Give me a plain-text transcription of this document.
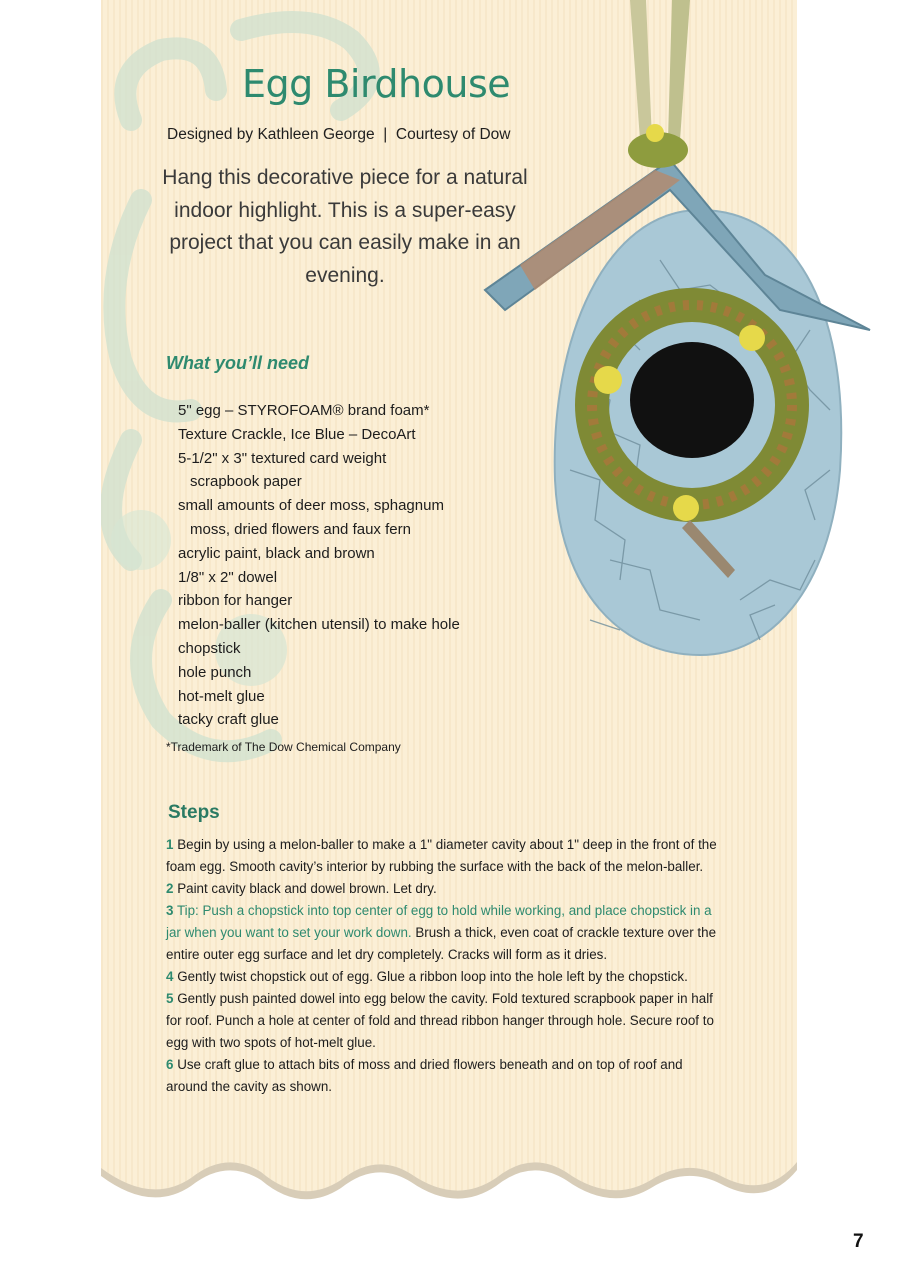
Egg Birdhouse
Designed by Kathleen George  |  Courtesy of Dow
Hang this decorative piece for a natural indoor highlight. This is a super-easy project that you can easily make in an evening.
What you’ll need
5" egg – STYROFOAM® brand foam*
Texture Crackle, Ice Blue – DecoArt
5-1/2" x 3" textured card weight
scrapbook paper
small amounts of deer moss, sphagnum
moss, dried flowers and faux fern
acrylic paint, black and brown
1/8" x 2" dowel
ribbon for hanger
melon-baller (kitchen utensil) to make hole
chopstick
hole punch
hot-melt glue
tacky craft glue
*Trademark of The Dow Chemical Company
Steps

1 Begin by using a melon-baller to make a 1" diameter cavity about 1" deep in the front of the foam egg. Smooth cavity’s interior by rubbing the surface with the back of the melon-baller.

2 Paint cavity black and dowel brown. Let dry.

3 Tip: Push a chopstick into top center of egg to hold while working, and place chopstick in a jar when you want to set your work down. Brush a thick, even coat of crackle texture over the entire outer egg surface and let dry completely. Cracks will form as it dries.

4 Gently twist chopstick out of egg. Glue a ribbon loop into the hole left by the chopstick.

5 Gently push painted dowel into egg below the cavity. Fold textured scrapbook paper in half for roof. Punch a hole at center of fold and thread ribbon hanger through hole. Secure roof to egg with two spots of hot-melt glue.

6 Use craft glue to attach bits of moss and dried flowers beneath and on top of roof and around the cavity as shown.

7
